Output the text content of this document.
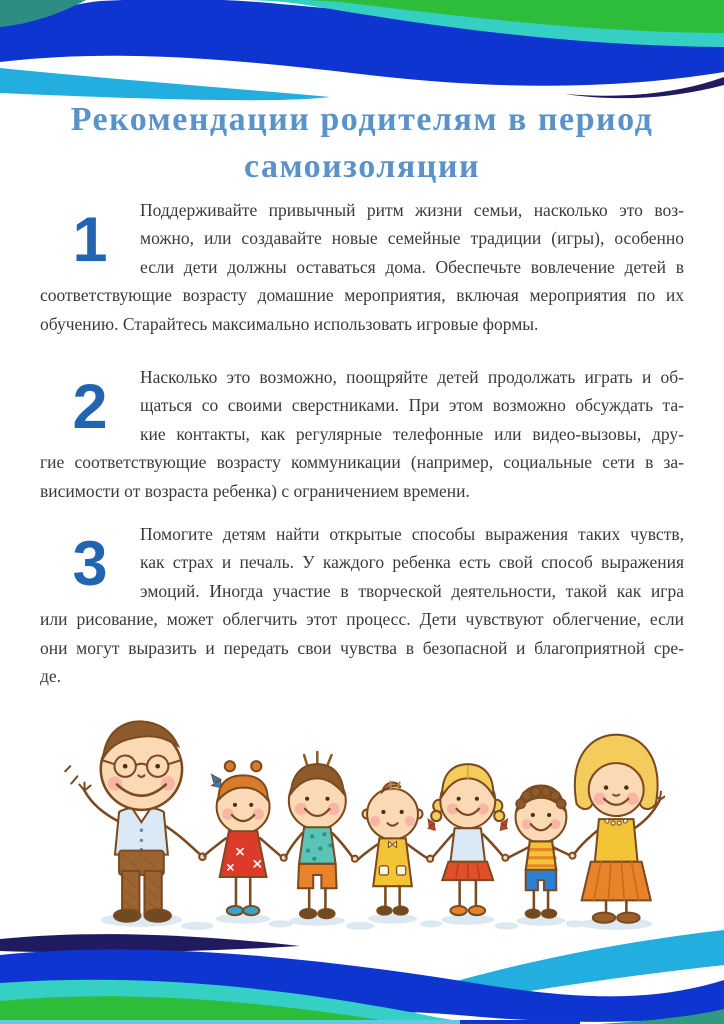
Рекомендации родителям в период
самоизоляции
1	Поддерживайте привычный ритм жизни семьи, насколько это воз-
можно, или создавайте новые семейные традиции (игры), особенно
если дети должны оставаться дома. Обеспечьте вовлечение детей в
соответствующие возрасту домашние мероприятия, включая мероприятия по их
обучению. Старайтесь максимально использовать игровые формы.
2	Насколько это возможно, поощряйте детей продолжать играть и об-
щаться со своими сверстниками. При этом возможно обсуждать та-
кие контакты, как регулярные телефонные или видео-вызовы, дру-
гие соответствующие возрасту коммуникации (например, социальные сети в за-
висимости от возраста ребенка) с ограничением времени.
3	Помогите детям найти открытые способы выражения таких чувств,
как страх и печаль. У каждого ребенка есть свой способ выражения
эмоций. Иногда участие в творческой деятельности, такой как игра
или рисование, может облегчить этот процесс. Дети чувствуют облегчение, если
они могут выразить и передать свои чувства в безопасной и благоприятной сре-
де.
